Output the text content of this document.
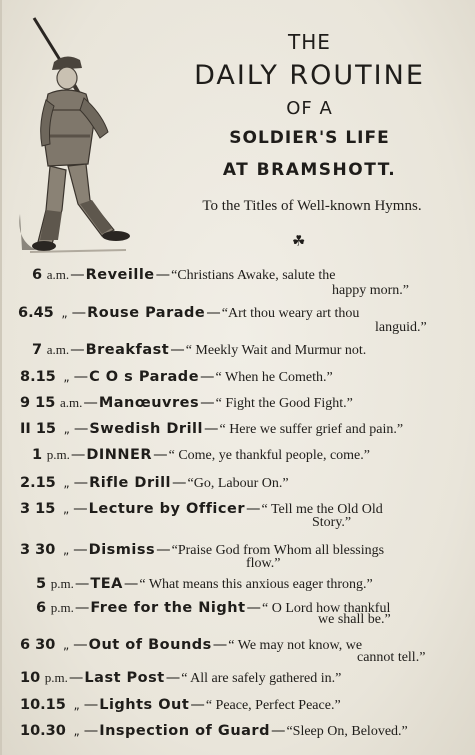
THE
DAILY ROUTINE
OF A
SOLDIER'S LIFE
AT BRAMSHOTT.
To the Titles of Well-known Hymns.
☘
6 a.m.—Reveille—“Christians Awake, salute the
happy morn.”
6.45 „ —Rouse Parade—“Art thou weary art thou
languid.”
7 a.m.—Breakfast—“ Meekly Wait and Murmur not.
8.15 „ —C O s Parade—“ When he Cometh.”
9 15 a.m.—Manœuvres—“ Fight the Good Fight.”
II 15 „ —Swedish Drill—“ Here we suffer grief and pain.”
1 p.m.—DINNER—“ Come, ye thankful people, come.”
2.15 „ —Rifle Drill—“Go, Labour On.”
3 15 „ —Lecture by Officer—“ Tell me the Old Old
Story.”
3 30 „ —Dismiss—“Praise God from Whom all blessings
flow.”
5 p.m.—TEA—“ What means this anxious eager throng.”
6 p.m.—Free for the Night—“ O Lord how thankful
we shall be.”
6 30 „ —Out of Bounds—“ We may not know, we
cannot tell.”
10 p.m.—Last Post—“ All are safely gathered in.”
10.15 „ —Lights Out—“ Peace, Perfect Peace.”
10.30 „ —Inspection of Guard—“Sleep On, Beloved.”
